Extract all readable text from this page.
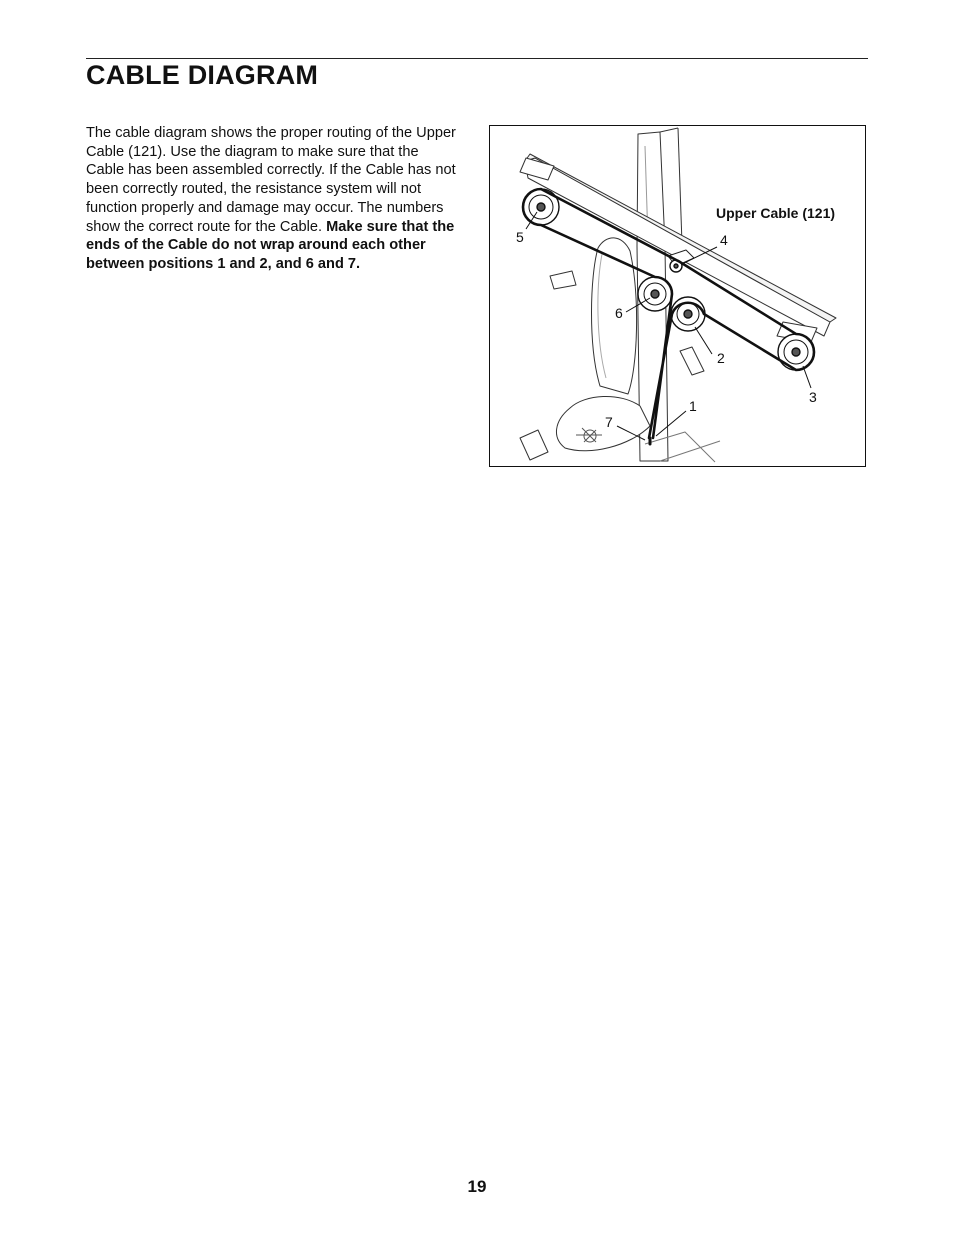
CABLE DIAGRAM

The cable diagram shows the proper routing of the Upper Cable (121). Use the diagram to make sure that the Cable has been assembled correctly. If the Cable has not been correctly routed, the resistance system will not function properly and damage may occur. The numbers show the correct route for the Cable. Make sure that the ends of the Cable do not wrap around each other between positions 1 and 2, and 6 and 7.

Upper Cable (121)
1
2
3
4
5
6
7
19
